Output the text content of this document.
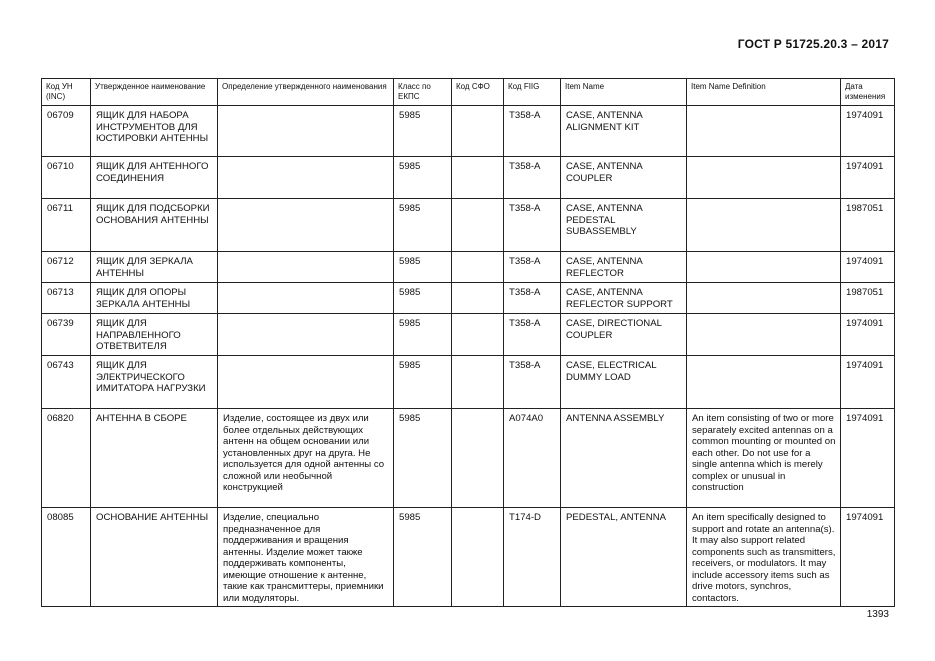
ГОСТ Р 51725.20.3 – 2017
Код УН (INC)	Утвержденное наименование	Определение утвержденного наименования	Класс по ЕКПС	Код СФО	Код FIIG	Item Name	Item Name Definition	Дата изменения
06709	ЯЩИК ДЛЯ НАБОРА ИНСТРУМЕНТОВ ДЛЯ ЮСТИРОВКИ АНТЕННЫ		5985		T358-A	CASE, ANTENNA ALIGNMENT KIT		1974091
06710	ЯЩИК ДЛЯ АНТЕННОГО СОЕДИНЕНИЯ		5985		T358-A	CASE, ANTENNA COUPLER		1974091
06711	ЯЩИК ДЛЯ ПОДСБОРКИ ОСНОВАНИЯ АНТЕННЫ		5985		T358-A	CASE, ANTENNA PEDESTAL SUBASSEMBLY		1987051
06712	ЯЩИК ДЛЯ ЗЕРКАЛА АНТЕННЫ		5985		T358-A	CASE, ANTENNA REFLECTOR		1974091
06713	ЯЩИК ДЛЯ ОПОРЫ ЗЕРКАЛА АНТЕННЫ		5985		T358-A	CASE, ANTENNA REFLECTOR SUPPORT		1987051
06739	ЯЩИК ДЛЯ НАПРАВЛЕННОГО ОТВЕТВИТЕЛЯ		5985		T358-A	CASE, DIRECTIONAL COUPLER		1974091
06743	ЯЩИК ДЛЯ ЭЛЕКТРИЧЕСКОГО ИМИТАТОРА НАГРУЗКИ		5985		T358-A	CASE, ELECTRICAL DUMMY LOAD		1974091
06820	АНТЕННА В СБОРЕ	Изделие, состоящее из двух или более отдельных действующих антенн на общем основании или установленных друг на друга. Не используется для одной антенны со сложной или необычной конструкцией	5985		A074A0	ANTENNA ASSEMBLY	An item consisting of two or more separately excited antennas on a common mounting or mounted on each other. Do not use for a single antenna which is merely complex or unusual in construction	1974091
08085	ОСНОВАНИЕ АНТЕННЫ	Изделие, специально предназначенное для поддерживания и вращения антенны. Изделие может также поддерживать компоненты, имеющие отношение к антенне, такие как трансмиттеры, приемники или модуляторы.	5985		T174-D	PEDESTAL, ANTENNA	An item specifically designed to support and rotate an antenna(s). It may also support related components such as transmitters, receivers, or modulators. It may include accessory items such as drive motors, synchros, contactors.	1974091
1393
